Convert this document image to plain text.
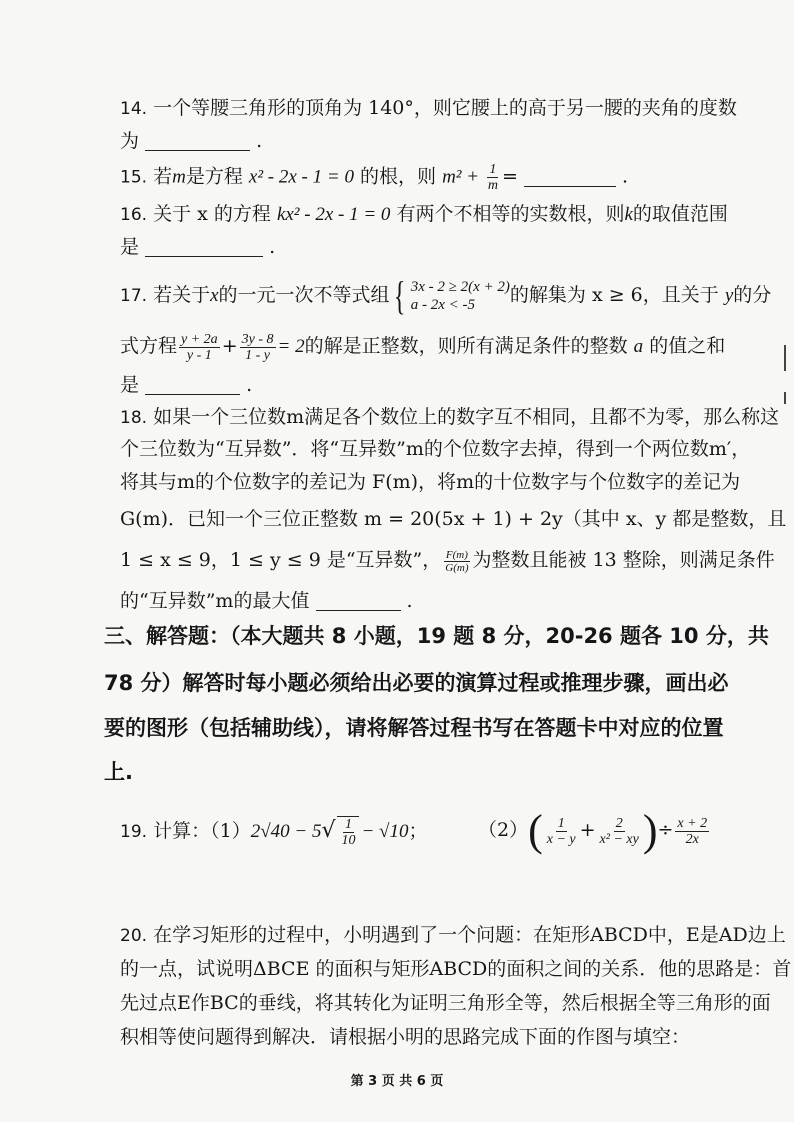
14. 一个等腰三角形的顶角为 140°，则它腰上的高于另一腰的夹角的度数
为	.
15. 若m是方程 x² - 2x - 1 = 0 的根，则 $m^2 + \frac{1}{m}$ =	.
16. 关于 x 的方程 kx² - 2x - 1 = 0 有两个不相等的实数根，则k的取值范围
是	.
17. 若关于x的一元一次不等式组 { 3x - 2 ≥ 2(x + 2)
a - 2x < -5	的解集为 x ≥ 6，且关于 y的分
式方程 $\frac{y + 2a}{y - 1} + \frac{3y - 8}{1 - y} = 2$的解是正整数，则所有满足条件的整数 a 的值之和
是	.
18. 如果一个三位数m满足各个数位上的数字互不相同，且都不为零，那么称这
个三位数为“互异数”．将“互异数”m的个位数字去掉，得到一个两位数m′，
将其与m的个位数字的差记为 F(m)，将m的十位数字与个位数字的差记为
G(m)．已知一个三位正整数 m = 20(5x + 1) + 2y（其中 x、y 都是整数，且
1 ≤ x ≤ 9，1 ≤ y ≤ 9 是“互异数”， $\frac{F(m)}{G(m)}$ 为整数且能被 13 整除，则满足条件
的“互异数”m的最大值	.
三、解答题：（本大题共 8 小题，19 题 8 分，20-26 题各 10 分，共
78 分）解答时每小题必须给出必要的演算过程或推理步骤，画出必
要的图形（包括辅助线），请将解答过程书写在答题卡中对应的位置
上.
19. 计算：$(1)2√40 - 5√ \frac{1}{10} - √10$；	$(2)( \frac{1}{x - y} + \frac{2}{\text{x² − xy}}$ )÷ $\frac{x + 2}{2x}$
20. 在学习矩形的过程中，小明遇到了一个问题：在矩形ABCD中，E是AD边上
的一点，试说明ΔBCE 的面积与矩形ABCD的面积之间的关系．他的思路是：首
先过点E作BC的垂线，将其转化为证明三角形全等，然后根据全等三角形的面
积相等使问题得到解决．请根据小明的思路完成下面的作图与填空：
第 3 页 共 6 页
